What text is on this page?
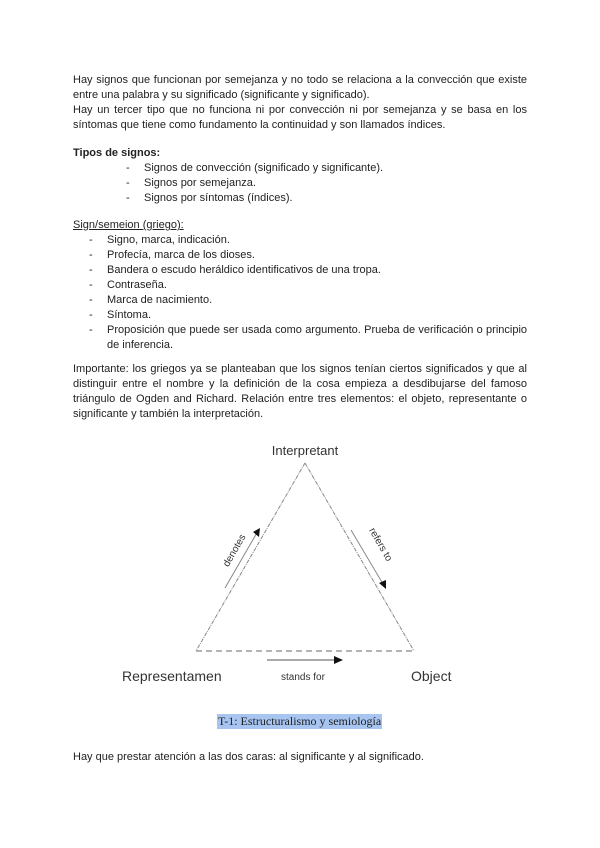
Hay signos que funcionan por semejanza y no todo se relaciona a la convección que existe entre una palabra y su significado (significante y significado).
Hay un tercer tipo que no funciona ni por convección ni por semejanza y se basa en los síntomas que tiene como fundamento la continuidad y son llamados índices.
Tipos de signos:
- Signos de convección (significado y significante).
- Signos por semejanza.
- Signos por síntomas (índices).
Sign/semeion (griego):
- Signo, marca, indicación.
- Profecía, marca de los dioses.
- Bandera o escudo heráldico identificativos de una tropa.
- Contraseña.
- Marca de nacimiento.
- Síntoma.
- Proposición que puede ser usada como argumento. Prueba de verificación o principio de inferencia.
Importante: los griegos ya se planteaban que los signos tenían ciertos significados y que al distinguir entre el nombre y la definición de la cosa empieza a desdibujarse del famoso triángulo de Ogden and Richard. Relación entre tres elementos: el objeto, representante o significante y también la interpretación.
Interpretant
Representamen	Object
stands for
denotes	refers to
T-1: Estructuralismo y semiología
Hay que prestar atención a las dos caras: al significante y al significado.
